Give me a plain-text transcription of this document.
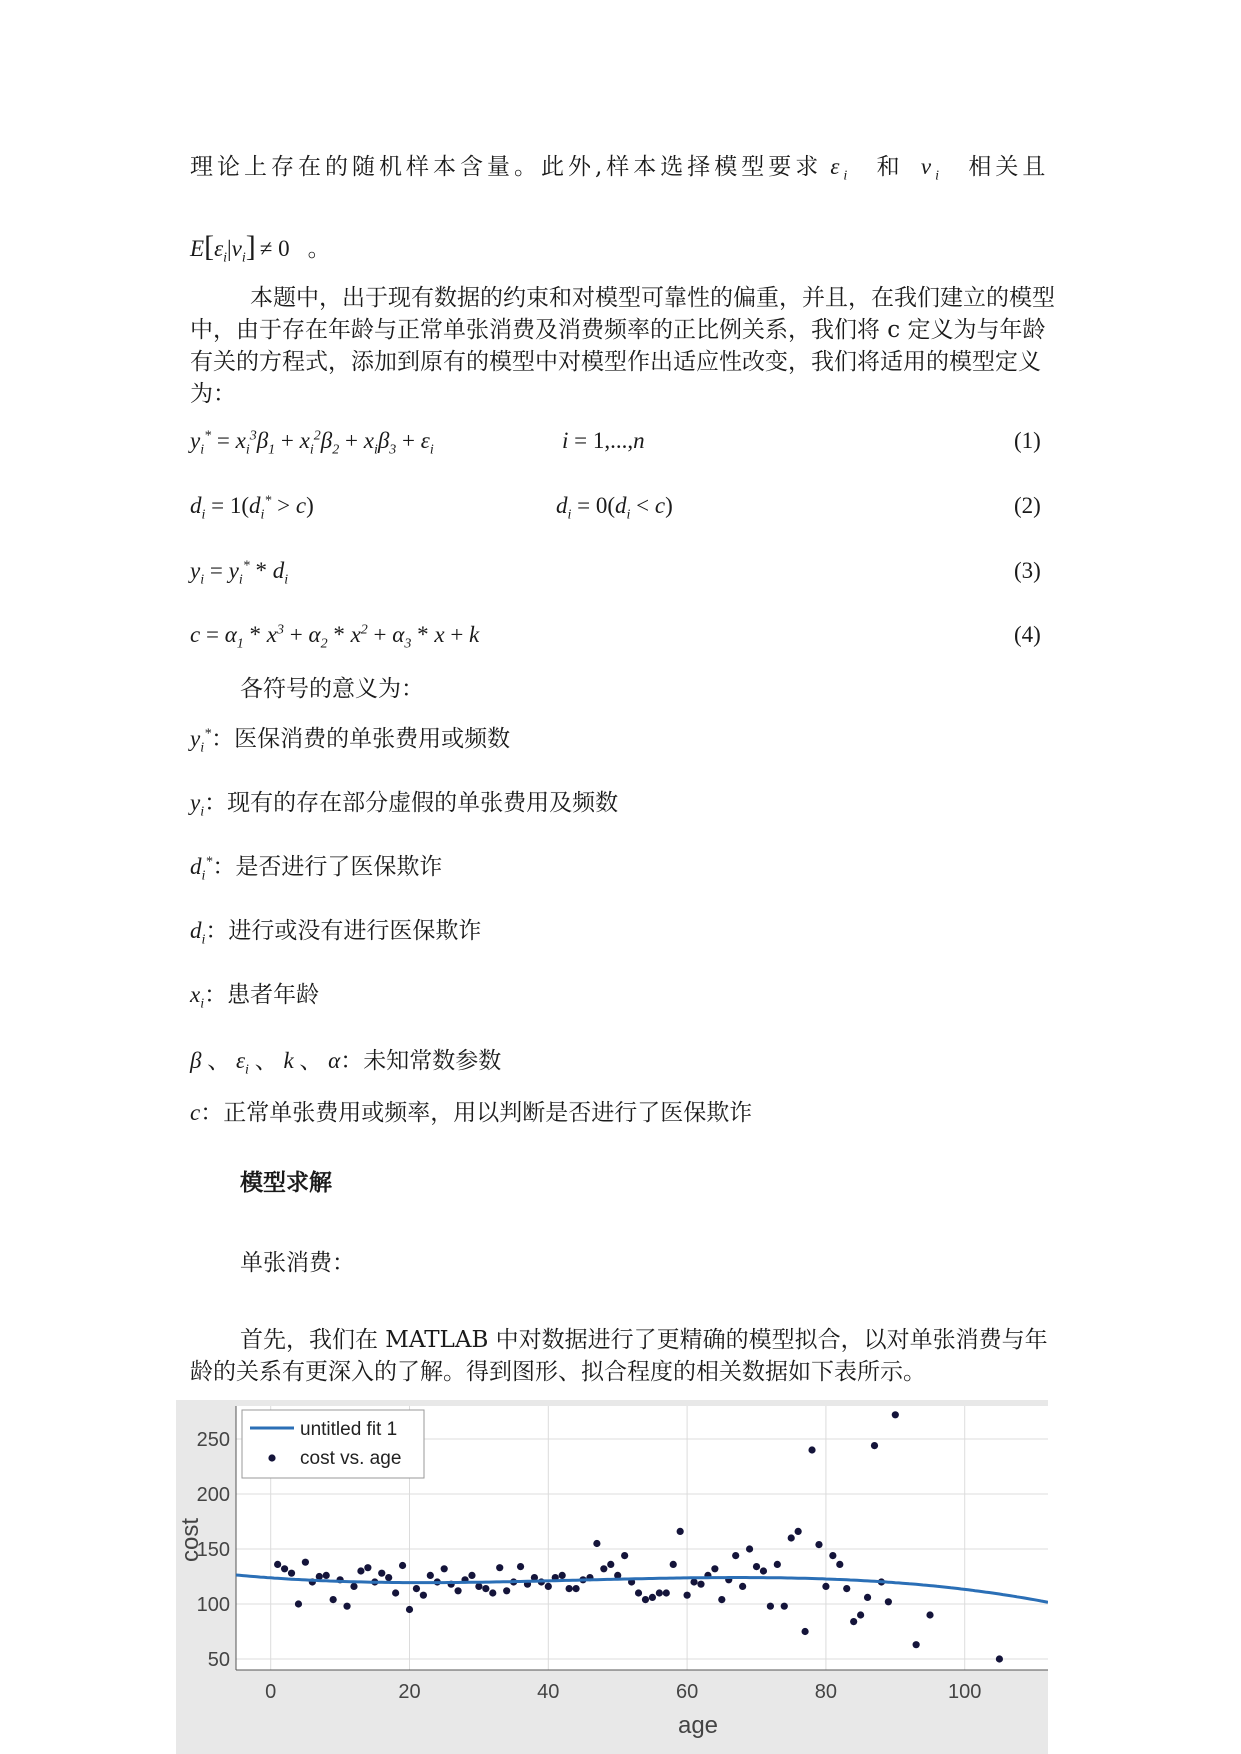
理论上存在的随机样本含量。此外,样本选择模型要求 $\varepsilon_i$ 和 $v_i$ 相关且
$E[\varepsilon_i|v_i] \ne 0$ 。
本题中，出于现有数据的约束和对模型可靠性的偏重，并且，在我们建立的模型中，由于存在年龄与正常单张消费及消费频率的正比例关系，我们将 c 定义为与年龄有关的方程式，添加到原有的模型中对模型作出适应性改变，我们将适用的模型定义为：
$y_i^* = x_i^3\beta_1 + x_i^2\beta_2 + x_i\beta_3 + \varepsilon_i$	i = 1,...,n	(1)
$d_i = 1(d_i^* > c)$	$d_i = 0(d_i < c)$	(2)
$y_i = y_i^* * d_i$	(3)
$c = \alpha_1 * x^3 + \alpha_2 * x^2 + \alpha_3 * x + k$	(4)
各符号的意义为：
$y_i^*$：医保消费的单张费用或频数
$y_i$：现有的存在部分虚假的单张费用及频数
$d_i^*$：是否进行了医保欺诈
$d_i$：进行或没有进行医保欺诈
$x_i$：患者年龄
β 、 $\varepsilon_i$ 、 k 、 α：未知常数参数
c：正常单张费用或频率，用以判断是否进行了医保欺诈
模型求解
单张消费：
首先，我们在 MATLAB 中对数据进行了更精确的模型拟合，以对单张消费与年龄的关系有更深入的了解。得到图形、拟合程度的相关数据如下表所示。
0	20	40	60	80	100
50
100
150
200
250	untitled fit 1
cost vs. age
age
cost
